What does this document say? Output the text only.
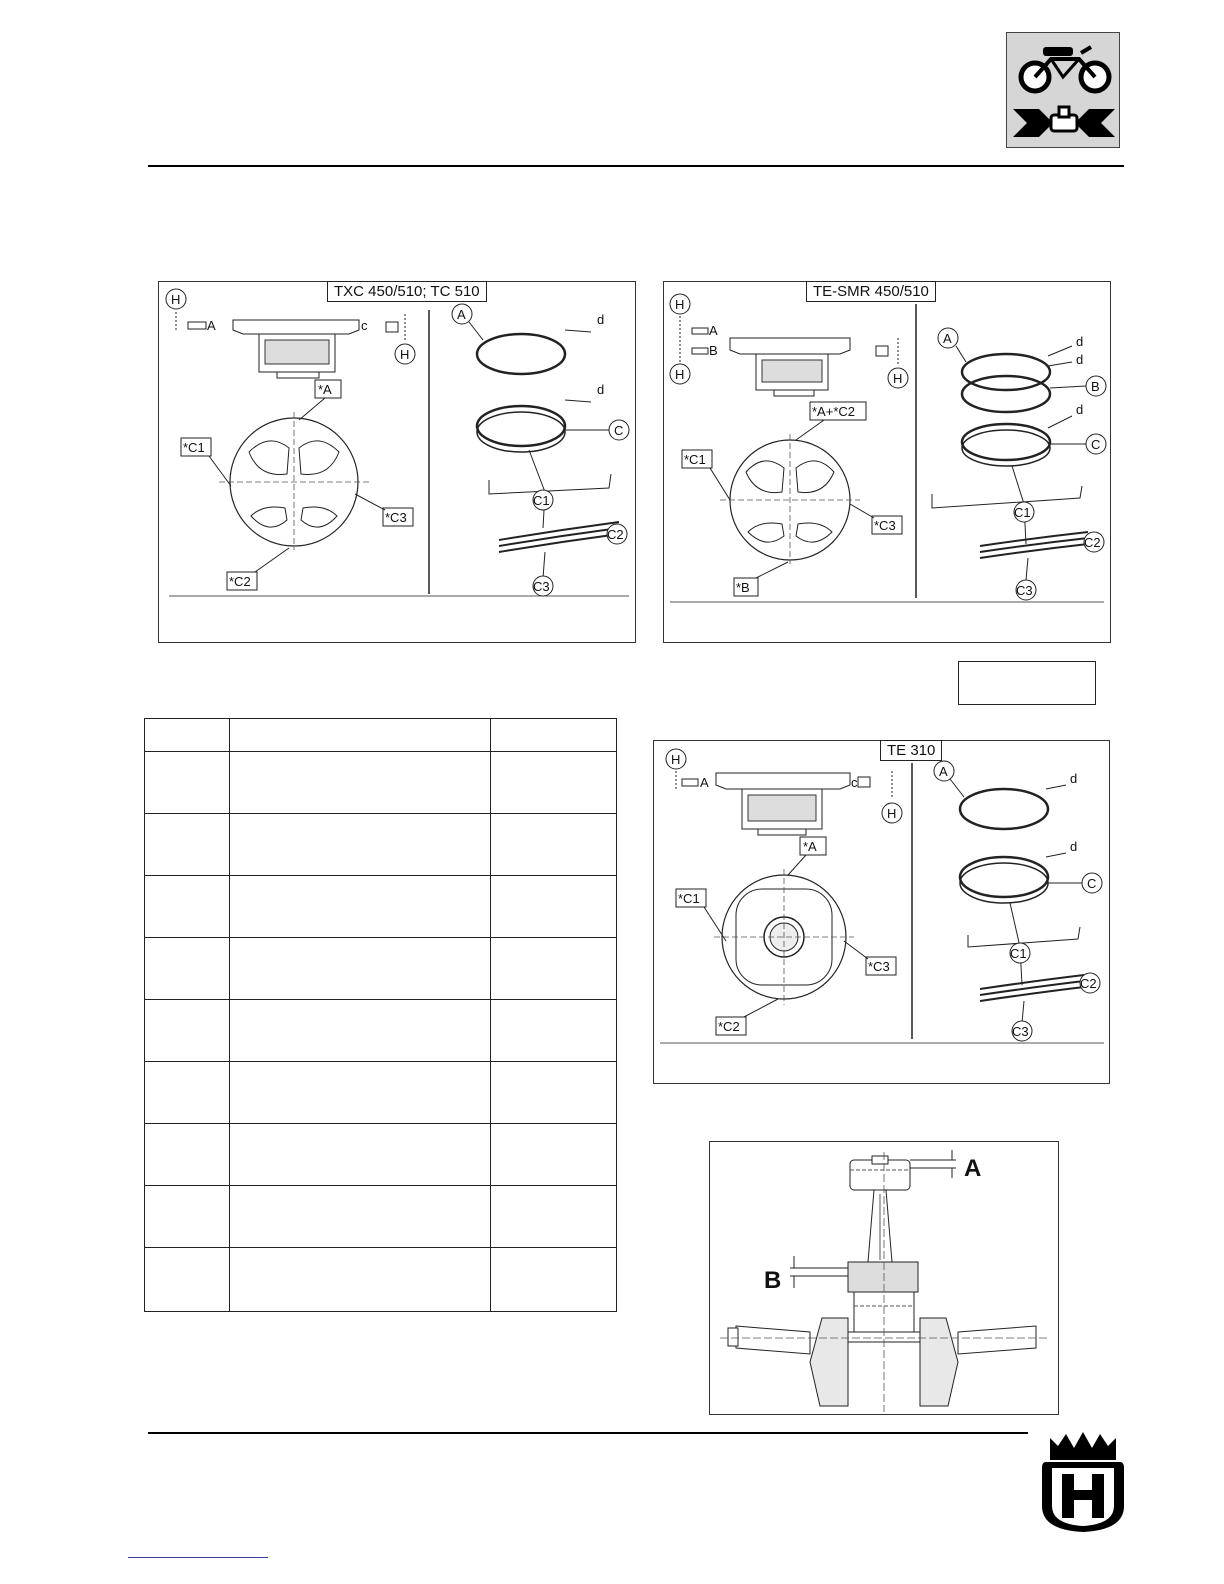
H
A	c
H
*A
*C1
*C3
*C2
A	d
d
C
C1
C2
C3
TXC 450/510; TC 510
H
H
A
B
H
*A+*C2
*C1
*C3
*B
A	d
d
B
d
C
C1
C2
C3
TE-SMR 450/510

H
A	c
H
*A
*C1
*C3
*C2
A	d
d
C
C1
C2
C3
TE 310
A
B
